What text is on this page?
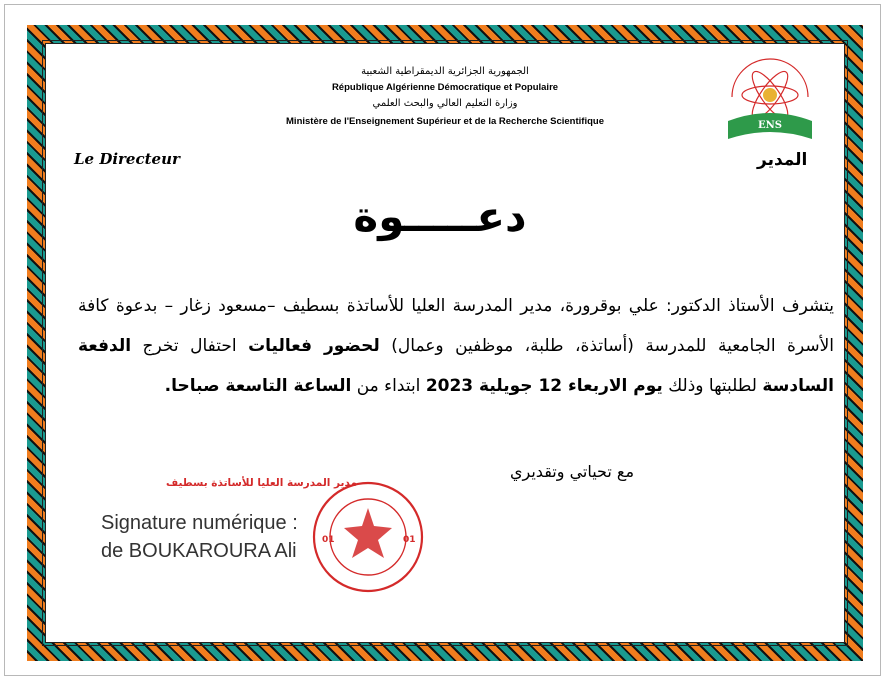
الجمهورية الجزائرية الديمقراطية الشعبية
République Algérienne Démocratique et Populaire
وزارة التعليم العالي والبحث العلمي
Ministère de l'Enseignement Supérieur et de la Recherche Scientifique	ENS
Le Directeur	المدير
دعـــــوة
يتشرف الأستاذ الدكتور: علي بوقرورة، مدير المدرسة العليا للأساتذة بسطيف –مسعود زغار – بدعوة كافة الأسرة الجامعية للمدرسة (أساتذة، طلبة، موظفين وعمال) لحضور فعاليات احتفال تخرج الدفعة السادسة لطلبتها وذلك يوم الاربعاء 12 جويلية 2023 ابتداء من الساعة التاسعة صباحا.
مع تحياتي وتقديري
مدير المدرسة العليا للأساتذة بسطيف
01	01
Signature numérique :
de BOUKAROURA Ali
